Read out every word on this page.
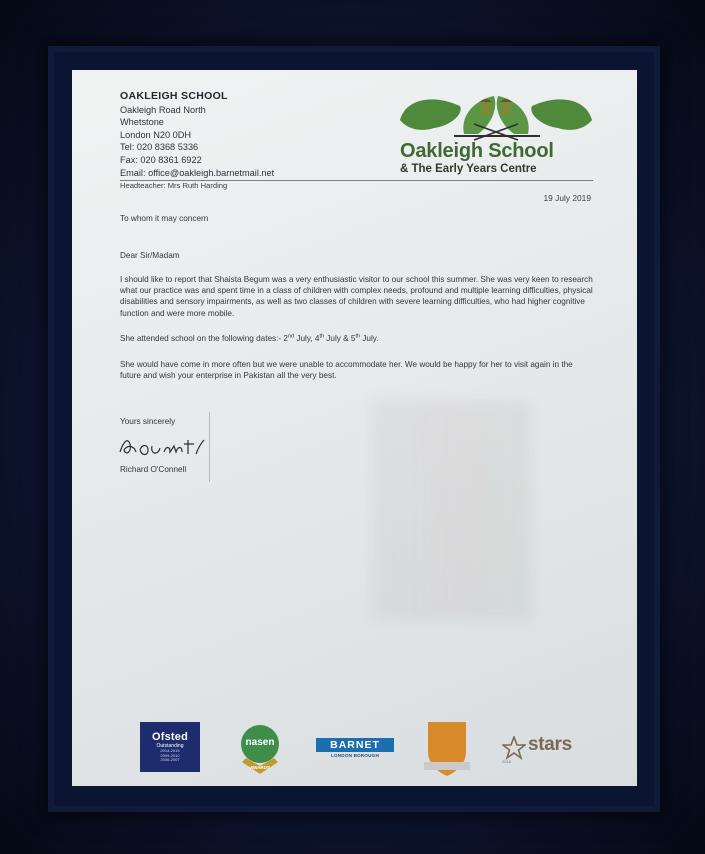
OAKLEIGH SCHOOL
Oakleigh Road North
Whetstone
London N20 0DH
Tel: 020 8368 5336
Fax: 020 8361 6922
Email: office@oakleigh.barnetmail.net
Oakleigh School
& The Early Years Centre
Headteacher: Mrs Ruth Harding
19 July 2019
To whom it may concern
Dear Sir/Madam
I should like to report that Shaista Begum was a very enthusiastic visitor to our school this summer. She was very keen to research what our practice was and spent time in a class of children with complex needs, profound and multiple learning difficulties, physical disabilities and sensory impairments, as well as two classes of children with severe learning difficulties, who had higher cognitive function and were more mobile.
She attended school on the following dates:- 2nd July, 4th July & 5th July.
She would have come in more often but we were unable to accommodate her. We would be happy for her to visit again in the future and wish your enterprise in Pakistan all the very best.
Yours sincerely
Richard O'Connell
Ofsted
Outstanding
2014-2015
2009-2010
2006-2007
nasen
AWARDS
BARNET
LONDON BOROUGH
stars
2018
